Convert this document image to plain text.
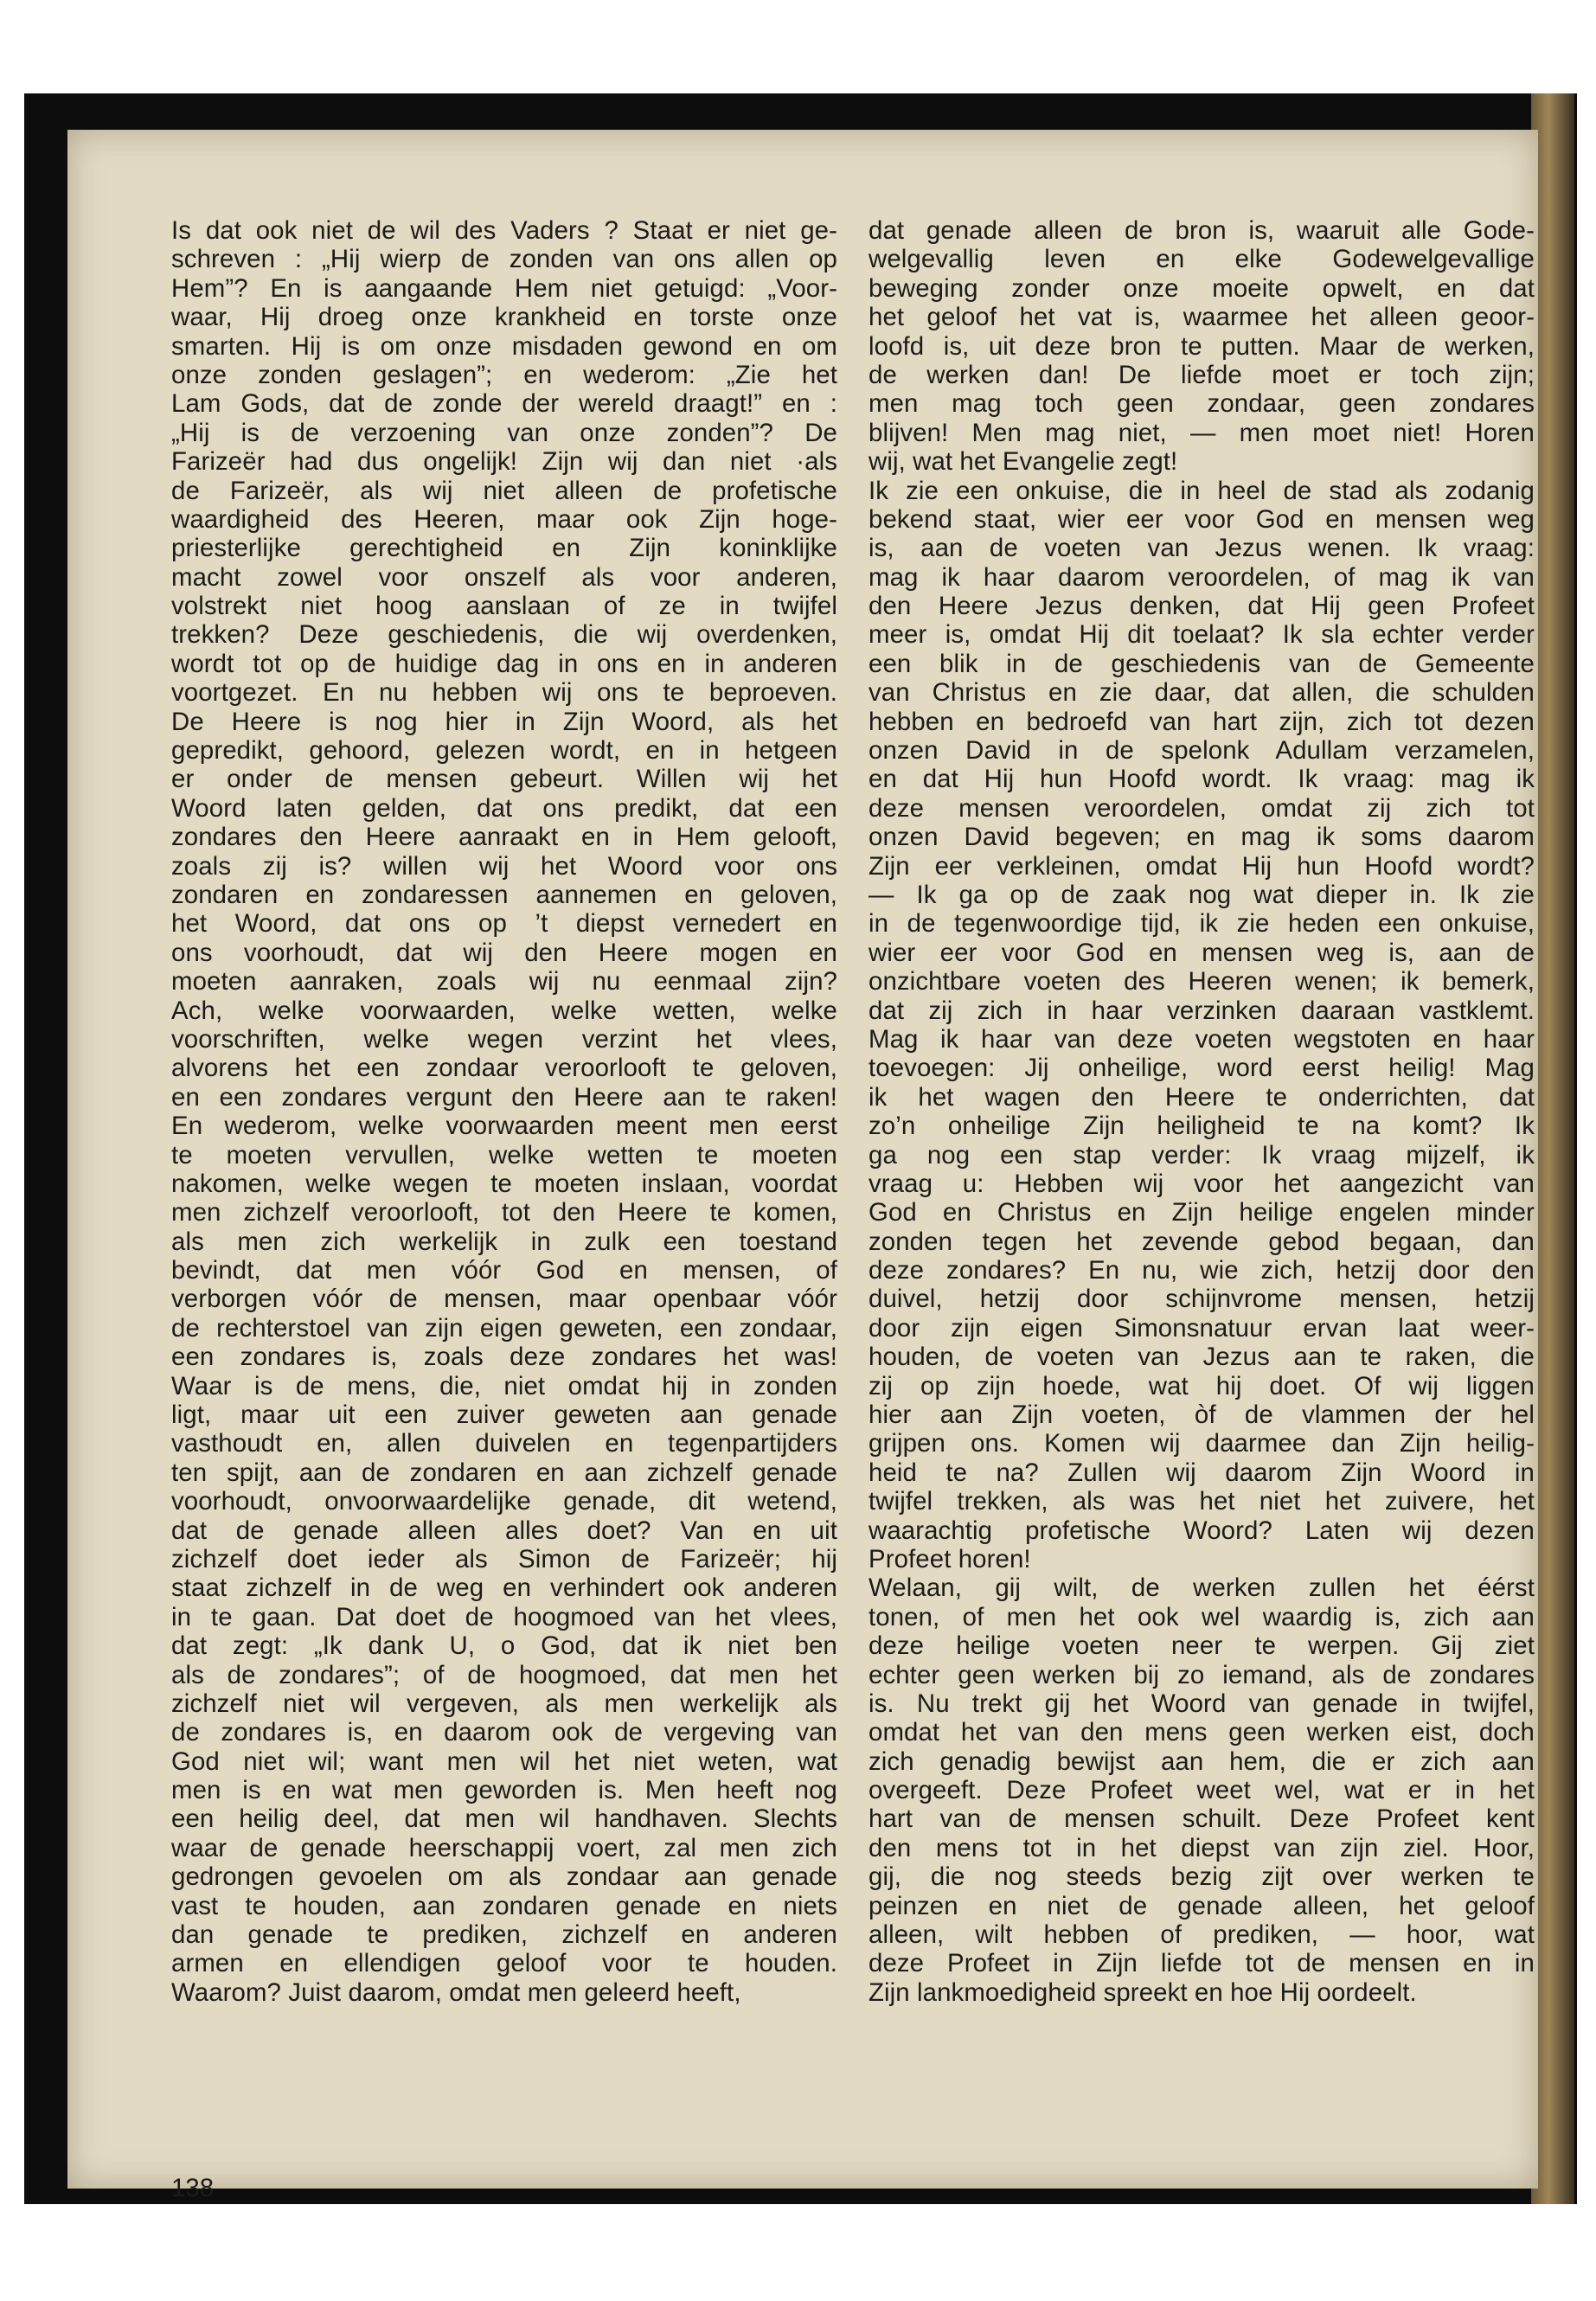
Is dat ook niet de wil des Vaders ? Staat er niet ge-
schreven : „Hij wierp de zonden van ons allen op
Hem”? En is aangaande Hem niet getuigd: „Voor-
waar, Hij droeg onze krankheid en torste onze
smarten. Hij is om onze misdaden gewond en om
onze zonden geslagen”; en wederom: „Zie het
Lam Gods, dat de zonde der wereld draagt!” en :
„Hij is de verzoening van onze zonden”? De
Farizeër had dus ongelijk! Zijn wij dan niet ·als
de Farizeër, als wij niet alleen de profetische
waardigheid des Heeren, maar ook Zijn hoge-
priesterlijke gerechtigheid en Zijn koninklijke
macht zowel voor onszelf als voor anderen,
volstrekt niet hoog aanslaan of ze in twijfel
trekken? Deze geschiedenis, die wij overdenken,
wordt tot op de huidige dag in ons en in anderen
voortgezet. En nu hebben wij ons te beproeven.
De Heere is nog hier in Zijn Woord, als het
gepredikt, gehoord, gelezen wordt, en in hetgeen
er onder de mensen gebeurt. Willen wij het
Woord laten gelden, dat ons predikt, dat een
zondares den Heere aanraakt en in Hem gelooft,
zoals zij is? willen wij het Woord voor ons
zondaren en zondaressen aannemen en geloven,
het Woord, dat ons op ’t diepst vernedert en
ons voorhoudt, dat wij den Heere mogen en
moeten aanraken, zoals wij nu eenmaal zijn?
Ach, welke voorwaarden, welke wetten, welke
voorschriften, welke wegen verzint het vlees,
alvorens het een zondaar veroorlooft te geloven,
en een zondares vergunt den Heere aan te raken!
En wederom, welke voorwaarden meent men eerst
te moeten vervullen, welke wetten te moeten
nakomen, welke wegen te moeten inslaan, voordat
men zichzelf veroorlooft, tot den Heere te komen,
als men zich werkelijk in zulk een toestand
bevindt, dat men vóór God en mensen, of
verborgen vóór de mensen, maar openbaar vóór
de rechterstoel van zijn eigen geweten, een zondaar,
een zondares is, zoals deze zondares het was!
Waar is de mens, die, niet omdat hij in zonden
ligt, maar uit een zuiver geweten aan genade
vasthoudt en, allen duivelen en tegenpartijders
ten spijt, aan de zondaren en aan zichzelf genade
voorhoudt, onvoorwaardelijke genade, dit wetend,
dat de genade alleen alles doet? Van en uit
zichzelf doet ieder als Simon de Farizeër; hij
staat zichzelf in de weg en verhindert ook anderen
in te gaan. Dat doet de hoogmoed van het vlees,
dat zegt: „Ik dank U, o God, dat ik niet ben
als de zondares”; of de hoogmoed, dat men het
zichzelf niet wil vergeven, als men werkelijk als
de zondares is, en daarom ook de vergeving van
God niet wil; want men wil het niet weten, wat
men is en wat men geworden is. Men heeft nog
een heilig deel, dat men wil handhaven. Slechts
waar de genade heerschappij voert, zal men zich
gedrongen gevoelen om als zondaar aan genade
vast te houden, aan zondaren genade en niets
dan genade te prediken, zichzelf en anderen
armen en ellendigen geloof voor te houden.
Waarom? Juist daarom, omdat men geleerd heeft,
dat genade alleen de bron is, waaruit alle Gode-
welgevallig leven en elke Godewelgevallige
beweging zonder onze moeite opwelt, en dat
het geloof het vat is, waarmee het alleen geoor-
loofd is, uit deze bron te putten. Maar de werken,
de werken dan! De liefde moet er toch zijn;
men mag toch geen zondaar, geen zondares
blijven! Men mag niet, — men moet niet! Horen
wij, wat het Evangelie zegt!
Ik zie een onkuise, die in heel de stad als zodanig
bekend staat, wier eer voor God en mensen weg
is, aan de voeten van Jezus wenen. Ik vraag:
mag ik haar daarom veroordelen, of mag ik van
den Heere Jezus denken, dat Hij geen Profeet
meer is, omdat Hij dit toelaat? Ik sla echter verder
een blik in de geschiedenis van de Gemeente
van Christus en zie daar, dat allen, die schulden
hebben en bedroefd van hart zijn, zich tot dezen
onzen David in de spelonk Adullam verzamelen,
en dat Hij hun Hoofd wordt. Ik vraag: mag ik
deze mensen veroordelen, omdat zij zich tot
onzen David begeven; en mag ik soms daarom
Zijn eer verkleinen, omdat Hij hun Hoofd wordt?
— Ik ga op de zaak nog wat dieper in. Ik zie
in de tegenwoordige tijd, ik zie heden een onkuise,
wier eer voor God en mensen weg is, aan de
onzichtbare voeten des Heeren wenen; ik bemerk,
dat zij zich in haar verzinken daaraan vastklemt.
Mag ik haar van deze voeten wegstoten en haar
toevoegen: Jij onheilige, word eerst heilig! Mag
ik het wagen den Heere te onderrichten, dat
zo’n onheilige Zijn heiligheid te na komt? Ik
ga nog een stap verder: Ik vraag mijzelf, ik
vraag u: Hebben wij voor het aangezicht van
God en Christus en Zijn heilige engelen minder
zonden tegen het zevende gebod begaan, dan
deze zondares? En nu, wie zich, hetzij door den
duivel, hetzij door schijnvrome mensen, hetzij
door zijn eigen Simonsnatuur ervan laat weer-
houden, de voeten van Jezus aan te raken, die
zij op zijn hoede, wat hij doet. Of wij liggen
hier aan Zijn voeten, òf de vlammen der hel
grijpen ons. Komen wij daarmee dan Zijn heilig-
heid te na? Zullen wij daarom Zijn Woord in
twijfel trekken, als was het niet het zuivere, het
waarachtig profetische Woord? Laten wij dezen
Profeet horen!
Welaan, gij wilt, de werken zullen het éérst
tonen, of men het ook wel waardig is, zich aan
deze heilige voeten neer te werpen. Gij ziet
echter geen werken bij zo iemand, als de zondares
is. Nu trekt gij het Woord van genade in twijfel,
omdat het van den mens geen werken eist, doch
zich genadig bewijst aan hem, die er zich aan
overgeeft. Deze Profeet weet wel, wat er in het
hart van de mensen schuilt. Deze Profeet kent
den mens tot in het diepst van zijn ziel. Hoor,
gij, die nog steeds bezig zijt over werken te
peinzen en niet de genade alleen, het geloof
alleen, wilt hebben of prediken, — hoor, wat
deze Profeet in Zijn liefde tot de mensen en in
Zijn lankmoedigheid spreekt en hoe Hij oordeelt.
138
